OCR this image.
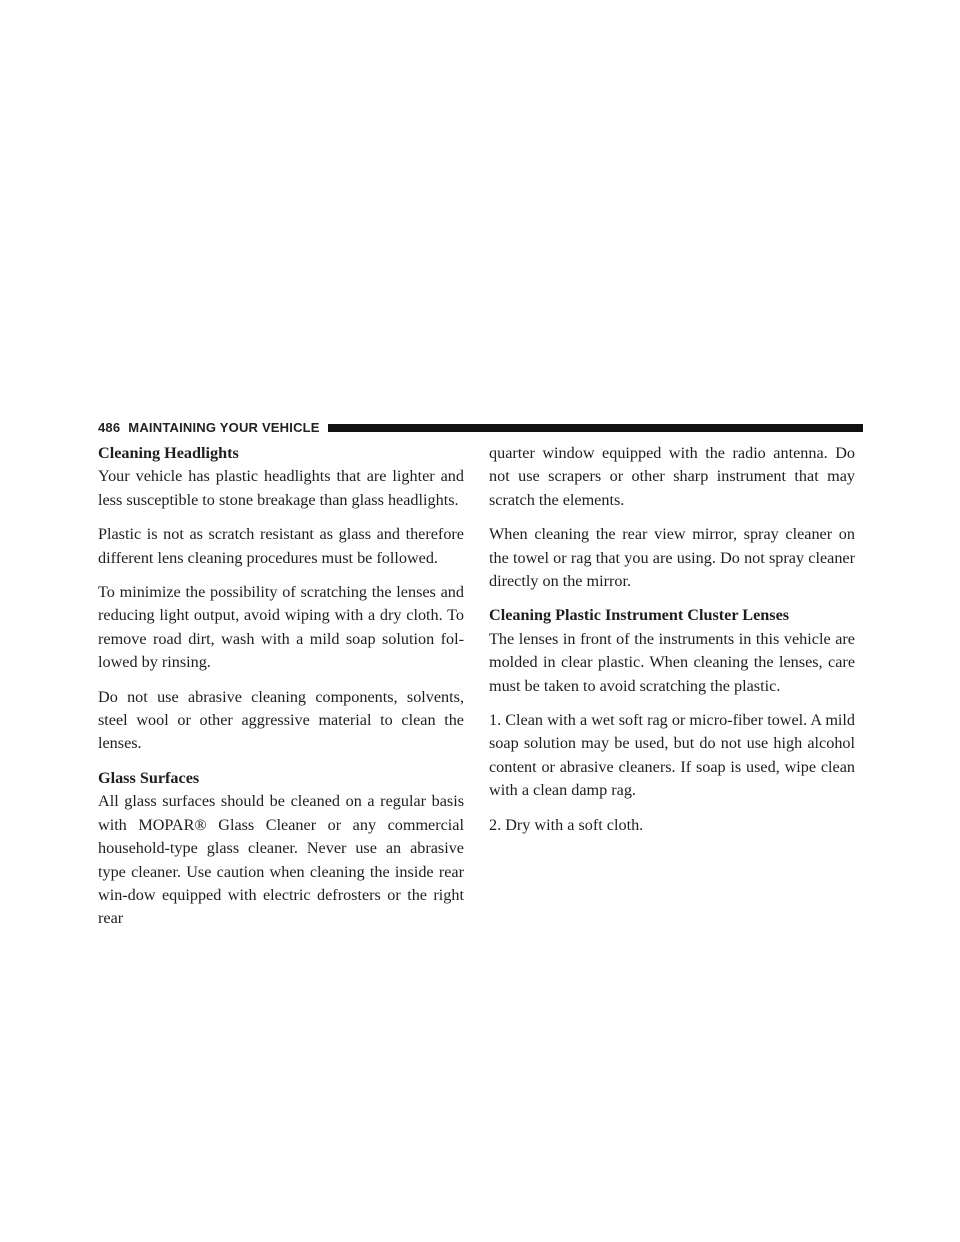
486 MAINTAINING YOUR VEHICLE
Cleaning Headlights

Your vehicle has plastic headlights that are lighter and less susceptible to stone breakage than glass headlights.

Plastic is not as scratch resistant as glass and therefore different lens cleaning procedures must be followed.

To minimize the possibility of scratching the lenses and reducing light output, avoid wiping with a dry cloth. To remove road dirt, wash with a mild soap solution fol-lowed by rinsing.

Do not use abrasive cleaning components, solvents, steel wool or other aggressive material to clean the lenses.

Glass Surfaces

All glass surfaces should be cleaned on a regular basis with MOPAR® Glass Cleaner or any commercial household-type glass cleaner. Never use an abrasive type cleaner. Use caution when cleaning the inside rear win-dow equipped with electric defrosters or the right rear

quarter window equipped with the radio antenna. Do not use scrapers or other sharp instrument that may scratch the elements.

When cleaning the rear view mirror, spray cleaner on the towel or rag that you are using. Do not spray cleaner directly on the mirror.

Cleaning Plastic Instrument Cluster Lenses

The lenses in front of the instruments in this vehicle are molded in clear plastic. When cleaning the lenses, care must be taken to avoid scratching the plastic.

1. Clean with a wet soft rag or micro-fiber towel. A mild soap solution may be used, but do not use high alcohol content or abrasive cleaners. If soap is used, wipe clean with a clean damp rag.

2. Dry with a soft cloth.
